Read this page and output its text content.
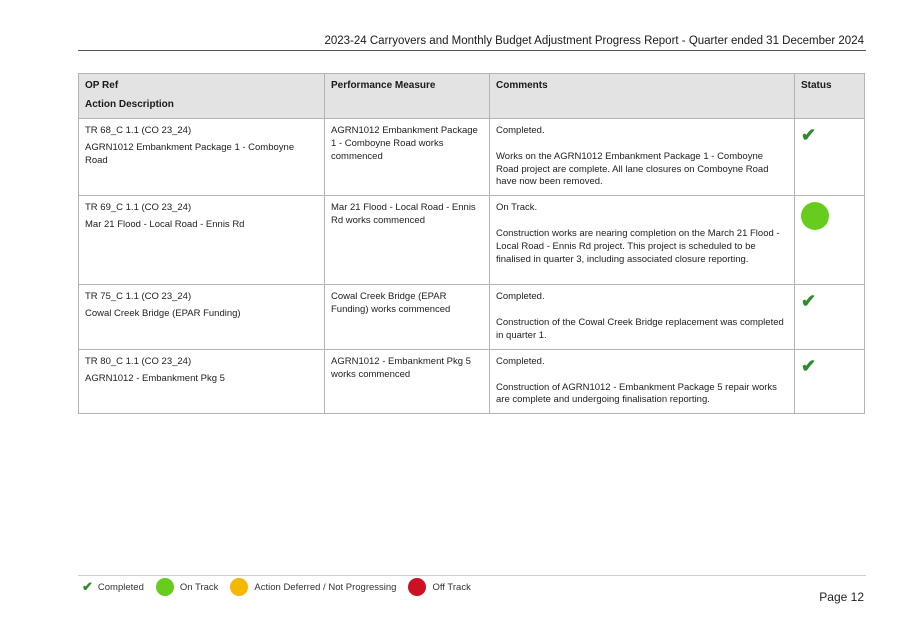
2023-24 Carryovers and Monthly Budget Adjustment Progress Report - Quarter ended 31 December 2024
OP Ref
Action Description	Performance Measure	Comments	Status

TR 68_C 1.1 (CO 23_24)
AGRN1012 Embankment Package 1 - Comboyne Road	AGRN1012 Embankment Package 1 - Comboyne Road works commenced	Completed.
Works on the AGRN1012 Embankment Package 1 - Comboyne Road project are complete. All lane closures on Comboyne Road have now been removed.	✔

TR 69_C 1.1 (CO 23_24)
Mar 21 Flood - Local Road - Ennis Rd	Mar 21 Flood - Local Road - Ennis Rd works commenced	On Track.
Construction works are nearing completion on the March 21 Flood - Local Road - Ennis Rd project. This project is scheduled to be finalised in quarter 3, including associated closure reporting.	

TR 75_C 1.1 (CO 23_24)
Cowal Creek Bridge (EPAR Funding)	Cowal Creek Bridge (EPAR Funding) works commenced	Completed.
Construction of the Cowal Creek Bridge replacement was completed in quarter 1.	✔

TR 80_C 1.1 (CO 23_24)
AGRN1012 - Embankment Pkg 5	AGRN1012 - Embankment Pkg 5 works commenced	Completed.
Construction of AGRN1012 - Embankment Package 5 repair works are complete and undergoing finalisation reporting.	✔
✔ Completed	On Track	Action Deferred / Not Progressing	Off Track
Page 12
